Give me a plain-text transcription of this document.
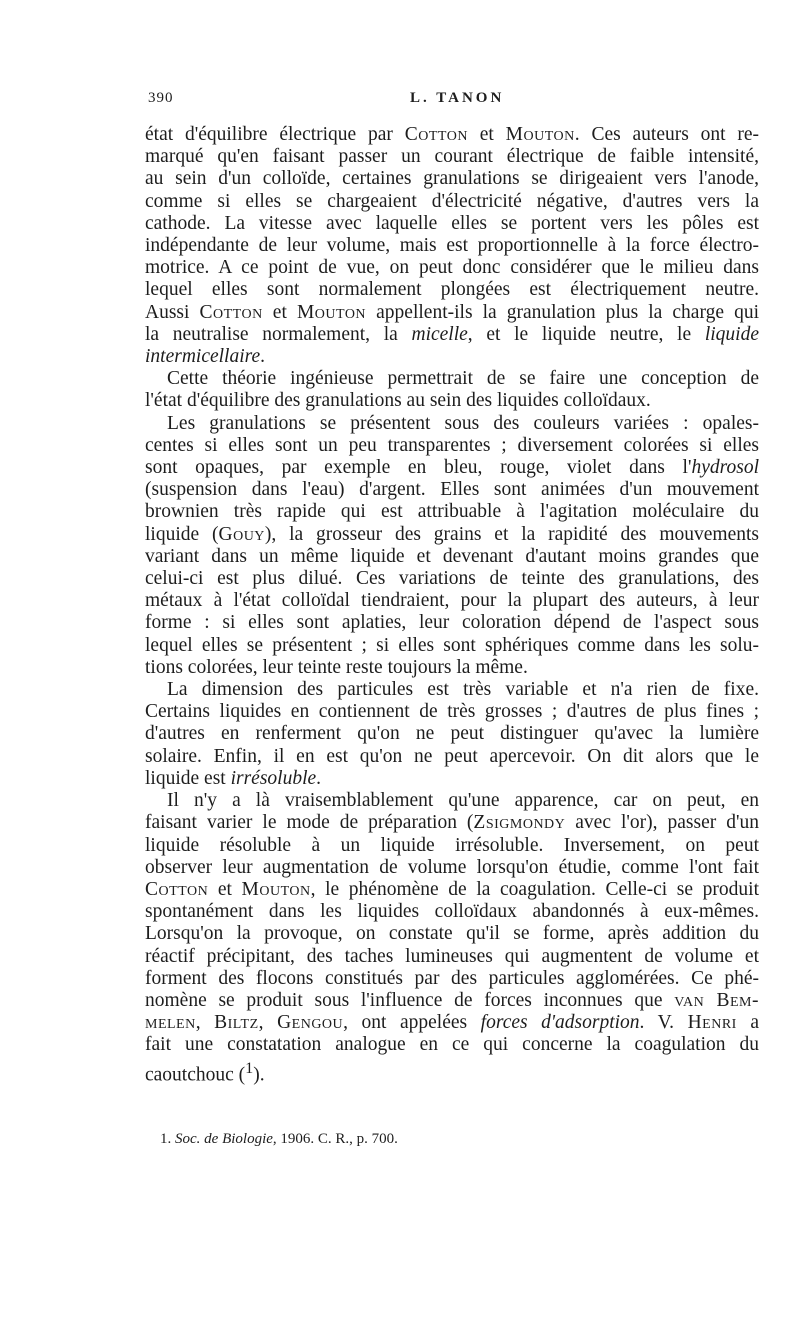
390	L. TANON
état d'équilibre électrique par Cotton et Mouton. Ces auteurs ont re-
marqué qu'en faisant passer un courant électrique de faible intensité,
au sein d'un colloïde, certaines granulations se dirigeaient vers l'anode,
comme si elles se chargeaient d'électricité négative, d'autres vers la
cathode. La vitesse avec laquelle elles se portent vers les pôles est
indépendante de leur volume, mais est proportionnelle à la force électro-
motrice. A ce point de vue, on peut donc considérer que le milieu dans
lequel elles sont normalement plongées est électriquement neutre.
Aussi Cotton et Mouton appellent-ils la granulation plus la charge qui
la neutralise normalement, la micelle, et le liquide neutre, le liquide
intermicellaire.
Cette théorie ingénieuse permettrait de se faire une conception de
l'état d'équilibre des granulations au sein des liquides colloïdaux.
Les granulations se présentent sous des couleurs variées : opales-
centes si elles sont un peu transparentes ; diversement colorées si elles
sont opaques, par exemple en bleu, rouge, violet dans l'hydrosol
(suspension dans l'eau) d'argent. Elles sont animées d'un mouvement
brownien très rapide qui est attribuable à l'agitation moléculaire du
liquide (Gouy), la grosseur des grains et la rapidité des mouvements
variant dans un même liquide et devenant d'autant moins grandes que
celui-ci est plus dilué. Ces variations de teinte des granulations, des
métaux à l'état colloïdal tiendraient, pour la plupart des auteurs, à leur
forme : si elles sont aplaties, leur coloration dépend de l'aspect sous
lequel elles se présentent ; si elles sont sphériques comme dans les solu-
tions colorées, leur teinte reste toujours la même.
La dimension des particules est très variable et n'a rien de fixe.
Certains liquides en contiennent de très grosses ; d'autres de plus fines ;
d'autres en renferment qu'on ne peut distinguer qu'avec la lumière
solaire. Enfin, il en est qu'on ne peut apercevoir. On dit alors que le
liquide est irrésoluble.
Il n'y a là vraisemblablement qu'une apparence, car on peut, en
faisant varier le mode de préparation (Zsigmondy avec l'or), passer d'un
liquide résoluble à un liquide irrésoluble. Inversement, on peut
observer leur augmentation de volume lorsqu'on étudie, comme l'ont fait
Cotton et Mouton, le phénomène de la coagulation. Celle-ci se produit
spontanément dans les liquides colloïdaux abandonnés à eux-mêmes.
Lorsqu'on la provoque, on constate qu'il se forme, après addition du
réactif précipitant, des taches lumineuses qui augmentent de volume et
forment des flocons constitués par des particules agglomérées. Ce phé-
nomène se produit sous l'influence de forces inconnues que van Bem-
melen, Biltz, Gengou, ont appelées forces d'adsorption. V. Henri a
fait une constatation analogue en ce qui concerne la coagulation du
caoutchouc ($^1$).
1. Soc. de Biologie, 1906. C. R., p. 700.
